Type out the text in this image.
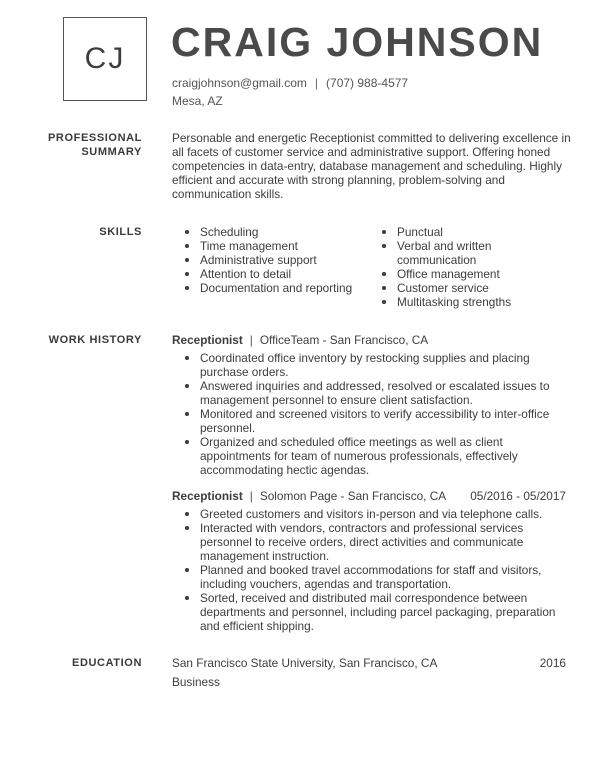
CJ	CRAIG JOHNSON
craigjohnson@gmail.com | (707) 988-4577
Mesa, AZ
PROFESSIONAL
SUMMARY
Personable and energetic Receptionist committed to delivering excellence in all facets of customer service and administrative support. Offering honed competencies in data-entry, database management and scheduling. Highly efficient and accurate with strong planning, problem-solving and communication skills.
SKILLS	Scheduling
Time management
Administrative support
Attention to detail
Documentation and reporting
Punctual
Verbal and written communication
Office management
Customer service
Multitasking strengths
WORK HISTORY	Receptionist | OfficeTeam - San Francisco, CA
Coordinated office inventory by restocking supplies and placing purchase orders.
Answered inquiries and addressed, resolved or escalated issues to management personnel to ensure client satisfaction.
Monitored and screened visitors to verify accessibility to inter-office personnel.
Organized and scheduled office meetings as well as client appointments for team of numerous professionals, effectively accommodating hectic agendas.
Receptionist | Solomon Page - San Francisco, CA 05/2016 - 05/2017
Greeted customers and visitors in-person and via telephone calls.
Interacted with vendors, contractors and professional services personnel to receive orders, direct activities and communicate management instruction.
Planned and booked travel accommodations for staff and visitors, including vouchers, agendas and transportation.
Sorted, received and distributed mail correspondence between departments and personnel, including parcel packaging, preparation and efficient shipping.
EDUCATION	San Francisco State University, San Francisco, CA	2016
Business
